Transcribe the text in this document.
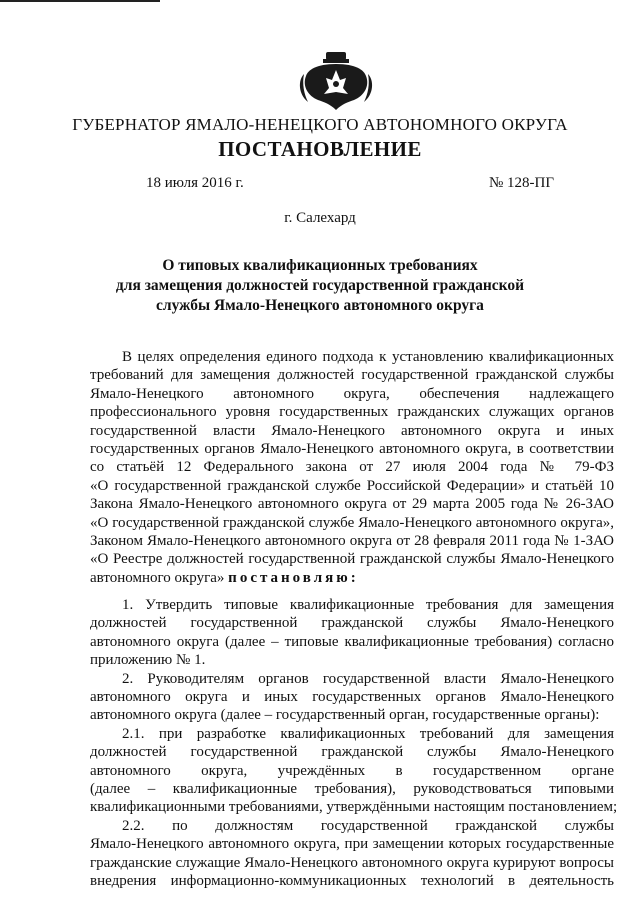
ГУБЕРНАТОР ЯМАЛО-НЕНЕЦКОГО АВТОНОМНОГО ОКРУГА
ПОСТАНОВЛЕНИЕ
18 июля 2016 г.	№ 128-ПГ
г. Салехард
О типовых квалификационных требованиях
для замещения должностей государственной гражданской
службы Ямало-Ненецкого автономного округа
В целях определения единого подхода к установлению квалификационных
требований для замещения должностей государственной гражданской службы
Ямало-Ненецкого автономного округа, обеспечения надлежащего
профессионального уровня государственных гражданских служащих органов
государственной власти Ямало-Ненецкого автономного округа и иных
государственных органов Ямало-Ненецкого автономного округа, в соответствии
со статьёй 12 Федерального закона от 27 июля 2004 года № 79-ФЗ
«О государственной гражданской службе Российской Федерации» и статьёй 10
Закона Ямало-Ненецкого автономного округа от 29 марта 2005 года № 26-ЗАО
«О государственной гражданской службе Ямало-Ненецкого автономного округа»,
Законом Ямало-Ненецкого автономного округа от 28 февраля 2011 года № 1-ЗАО
«О Реестре должностей государственной гражданской службы Ямало-Ненецкого
автономного округа» постановляю:
1. Утвердить типовые квалификационные требования для замещения
должностей государственной гражданской службы Ямало-Ненецкого
автономного округа (далее – типовые квалификационные требования) согласно
приложению № 1.
2. Руководителям органов государственной власти Ямало-Ненецкого
автономного округа и иных государственных органов Ямало-Ненецкого
автономного округа (далее – государственный орган, государственные органы):
2.1. при разработке квалификационных требований для замещения
должностей государственной гражданской службы Ямало-Ненецкого
автономного округа, учреждённых в государственном органе
(далее – квалификационные требования), руководствоваться типовыми
квалификационными требованиями, утверждёнными настоящим постановлением;
2.2. по должностям государственной гражданской службы
Ямало-Ненецкого автономного округа, при замещении которых государственные
гражданские служащие Ямало-Ненецкого автономного округа курируют вопросы
внедрения информационно-коммуникационных технологий в деятельность
